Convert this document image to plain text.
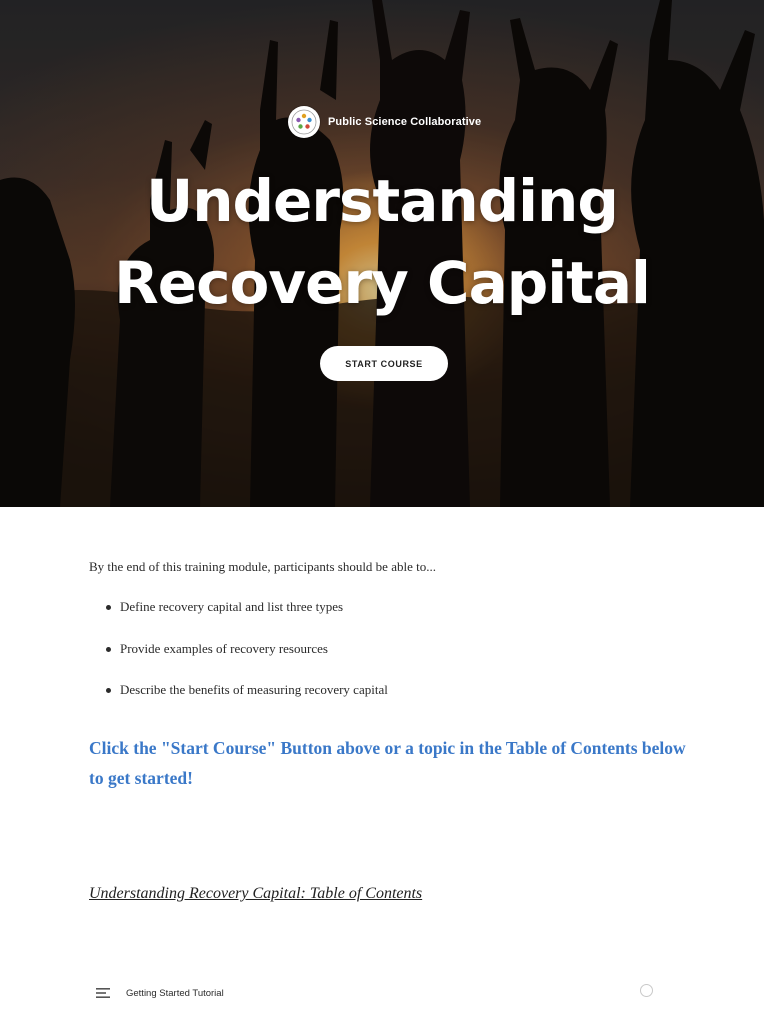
Public Science Collaborative
Understanding
Recovery Capital
START COURSE

By the end of this training module, participants should be able to...

Define recovery capital and list three types
Provide examples of recovery resources
Describe the benefits of measuring recovery capital

Click the "Start Course" Button above or a topic in the Table of Contents below to get started!

Understanding Recovery Capital: Table of Contents

Getting Started Tutorial
